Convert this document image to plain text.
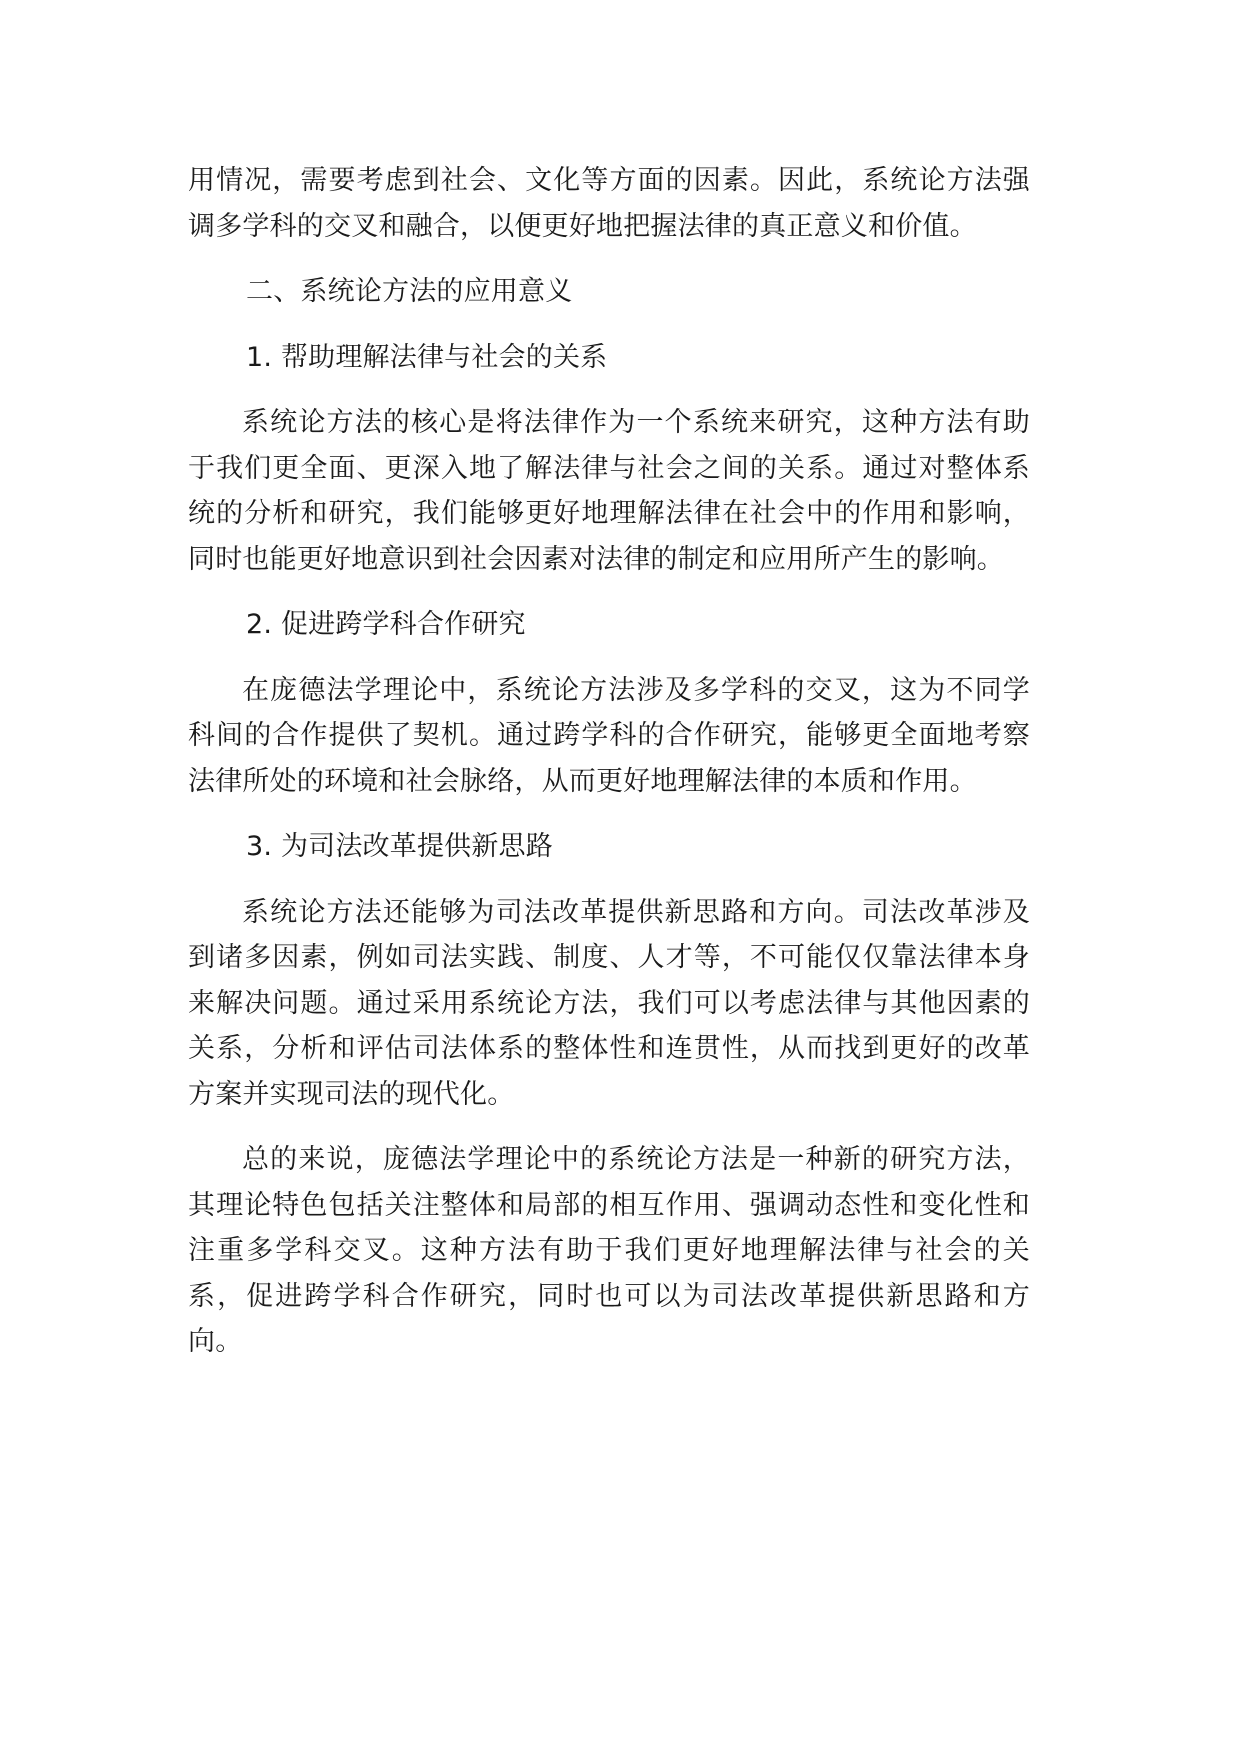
用情况，需要考虑到社会、文化等方面的因素。因此，系统论方法强调多学科的交叉和融合，以便更好地把握法律的真正意义和价值。

二、系统论方法的应用意义
1. 帮助理解法律与社会的关系

系统论方法的核心是将法律作为一个系统来研究，这种方法有助于我们更全面、更深入地了解法律与社会之间的关系。通过对整体系统的分析和研究，我们能够更好地理解法律在社会中的作用和影响，同时也能更好地意识到社会因素对法律的制定和应用所产生的影响。

2. 促进跨学科合作研究

在庞德法学理论中，系统论方法涉及多学科的交叉，这为不同学科间的合作提供了契机。通过跨学科的合作研究，能够更全面地考察法律所处的环境和社会脉络，从而更好地理解法律的本质和作用。

3. 为司法改革提供新思路

系统论方法还能够为司法改革提供新思路和方向。司法改革涉及到诸多因素，例如司法实践、制度、人才等，不可能仅仅靠法律本身来解决问题。通过采用系统论方法，我们可以考虑法律与其他因素的关系，分析和评估司法体系的整体性和连贯性，从而找到更好的改革方案并实现司法的现代化。

总的来说，庞德法学理论中的系统论方法是一种新的研究方法，其理论特色包括关注整体和局部的相互作用、强调动态性和变化性和注重多学科交叉。这种方法有助于我们更好地理解法律与社会的关系，促进跨学科合作研究，同时也可以为司法改革提供新思路和方向。
